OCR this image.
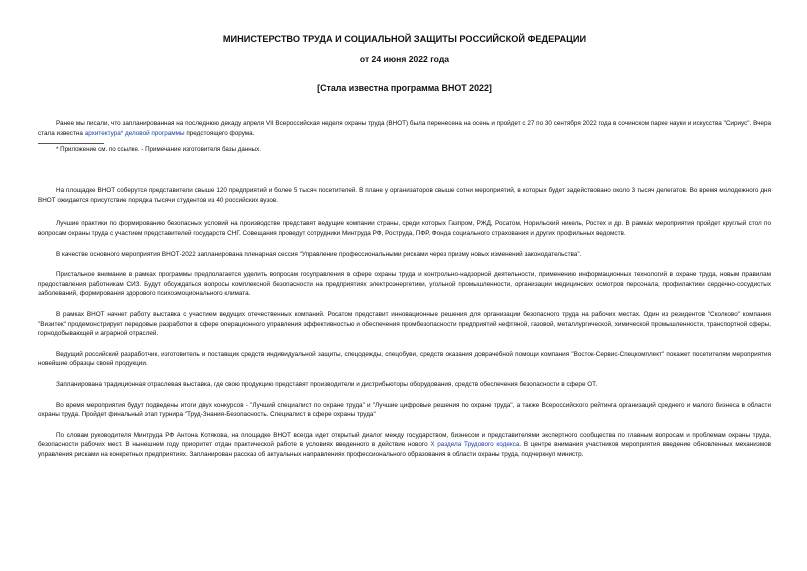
МИНИСТЕРСТВО ТРУДА И СОЦИАЛЬНОЙ ЗАЩИТЫ РОССИЙСКОЙ ФЕДЕРАЦИИ
от 24 июня 2022 года
[Стала известна программа ВНОТ 2022]

Ранее мы писали, что запланированная на последнюю декаду апреля VII Всероссийская неделя охраны труда (ВНОТ) была перенесена на осень и пройдет с 27 по 30 сентября 2022 года в сочинском парке науки и искусства "Сириус". Вчера стала известна архитектура* деловой программы предстоящего форума.

* Приложение см. по ссылке. - Примечание изготовителя базы данных.

На площадке ВНОТ соберутся представители свыше 120 предприятий и более 5 тысяч посетителей. В плане у организаторов свыше сотни мероприятий, в которых будет задействовано около 3 тысяч делегатов. Во время молодежного дня ВНОТ ожидается присутствие порядка тысячи студентов из 40 российских вузов.

Лучшие практики по формированию безопасных условий на производстве представят ведущие компании страны, среди которых Газпром, РЖД, Росатом, Норильский никель, Ростех и др. В рамках мероприятия пройдет круглый стол по вопросам охраны труда с участием представителей государств СНГ. Совещания проведут сотрудники Минтруда РФ, Роструда, ПФР, Фонда социального страхования и других профильных ведомств.

В качестве основного мероприятия ВНОТ-2022 запланирована пленарная сессия "Управление профессиональными рисками через призму новых изменений законодательства".

Пристальное внимание в рамках программы предполагается уделить вопросам госуправления в сфере охраны труда и контрольно-надзорной деятельности, применению информационных технологий в охране труда, новым правилам предоставления работникам СИЗ. Будут обсуждаться вопросы комплексной безопасности на предприятиях электроэнергетики, угольной промышленности, организации медицинских осмотров персонала, профилактики сердечно-сосудистых заболеваний, формирования здорового психоэмоционального климата.

В рамках ВНОТ начнет работу выставка с участием ведущих отечественных компаний. Росатом представит инновационные решения для организации безопасного труда на рабочих местах. Один из резидентов "Сколково" компания "Визитек" продемонстрирует передовые разработки в сфере операционного управления эффективностью и обеспечения промбезопасности предприятий нефтяной, газовой, металлургической, химической промышленности, транспортной сферы, горнодобывающей и аграрной отраслей.

Ведущий российский разработчик, изготовитель и поставщик средств индивидуальной защиты, спецодежды, спецобуви, средств оказания доврачебной помощи компания "Восток-Сервис-Спецкомплект" покажет посетителям мероприятия новейшие образцы своей продукции.

Запланирована традиционная отраслевая выставка, где свою продукцию представят производители и дистрибьюторы оборудования, средств обеспечения безопасности в сфере ОТ.

Во время мероприятия будут подведены итоги двух конкурсов - "Лучший специалист по охране труда" и "Лучшие цифровые решения по охране труда", а также Всероссийского рейтинга организаций среднего и малого бизнеса в области охраны труда. Пройдет финальный этап турнира "Труд-Знания-Безопасность. Специалист в сфере охраны труда"

По словам руководителя Минтруда РФ Антона Котякова, на площадке ВНОТ всегда идет открытый диалог между государством, бизнесом и представителями экспертного сообщества по главным вопросам и проблемам охраны труда, безопасности рабочих мест. В нынешнем году приоритет отдан практической работе в условиях введенного в действие нового Х раздела Трудового кодекса. В центре внимания участников мероприятия введение обновленных механизмов управления рисками на конкретных предприятиях. Запланирован рассказ об актуальных направлениях профессионального образования в области охраны труда, подчеркнул министр.
